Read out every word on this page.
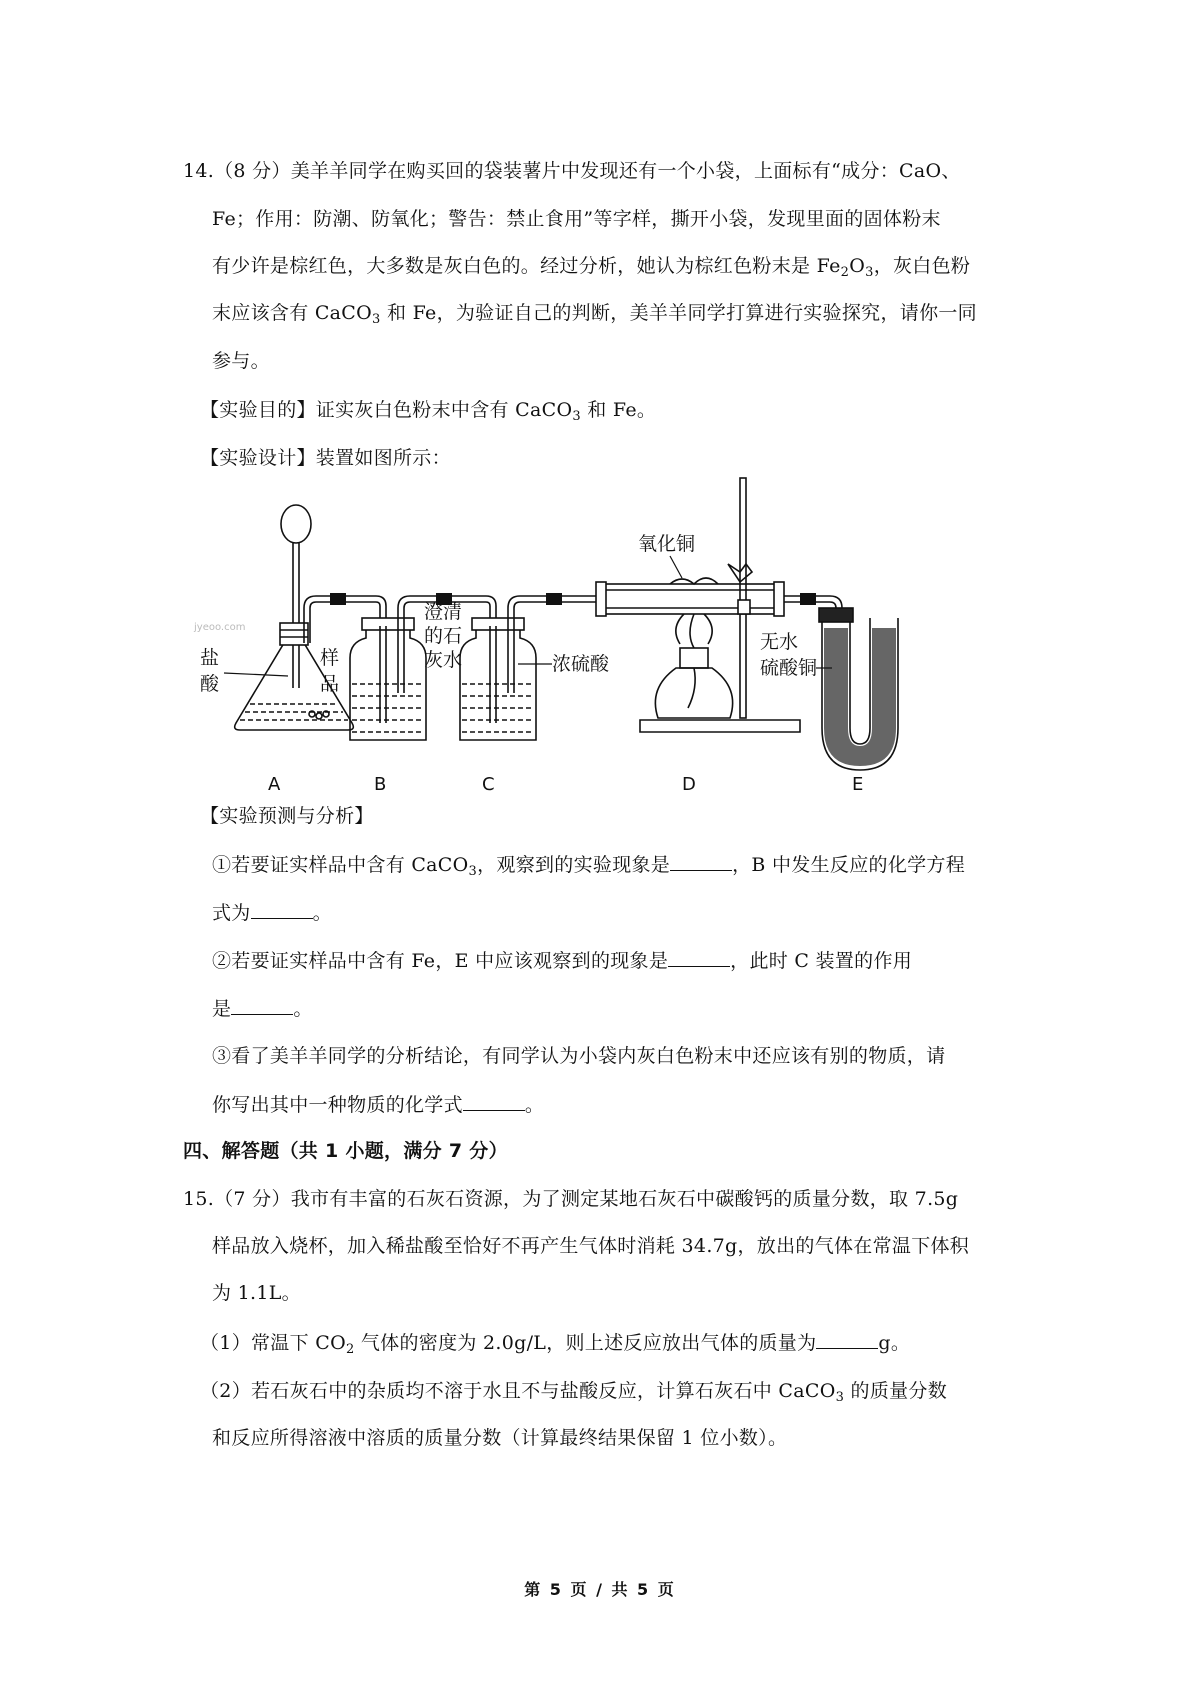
14.（8 分）美羊羊同学在购买回的袋装薯片中发现还有一个小袋，上面标有“成分：CaO、
Fe；作用：防潮、防氧化；警告：禁止食用”等字样，撕开小袋，发现里面的固体粉末
有少许是棕红色，大多数是灰白色的。经过分析，她认为棕红色粉末是 $Fe_2O_3$，灰白色粉
末应该含有 CaCO$_3$ 和 Fe，为验证自己的判断，美羊羊同学打算进行实验探究，请你一同
参与。
【实验目的】证实灰白色粉末中含有 CaCO$_3$ 和 Fe。
【实验设计】装置如图所示：
盐
酸
样
品
澄清
的石
灰水	浓硫酸
氧化铜
无水
硫酸铜
jyeoo.com
A	B	C	D	E
【实验预测与分析】
①若要证实样品中含有 CaCO$_3$，观察到的实验现象是	，B 中发生反应的化学方程
式为	。
②若要证实样品中含有 Fe，E 中应该观察到的现象是	，此时 C 装置的作用
是	。
③看了美羊羊同学的分析结论，有同学认为小袋内灰白色粉末中还应该有别的物质，请
你写出其中一种物质的化学式	。
四、解答题（共 1 小题，满分 7 分）
15.（7 分）我市有丰富的石灰石资源，为了测定某地石灰石中碳酸钙的质量分数，取 7.5g
样品放入烧杯，加入稀盐酸至恰好不再产生气体时消耗 34.7g，放出的气体在常温下体积
为 1.1L。
（1）常温下 $CO_2$ 气体的密度为 2.0g/L，则上述反应放出气体的质量为	g。
（2）若石灰石中的杂质均不溶于水且不与盐酸反应，计算石灰石中 CaCO$_3$ 的质量分数
和反应所得溶液中溶质的质量分数（计算最终结果保留 1 位小数）。
第 5 页 / 共 5 页
